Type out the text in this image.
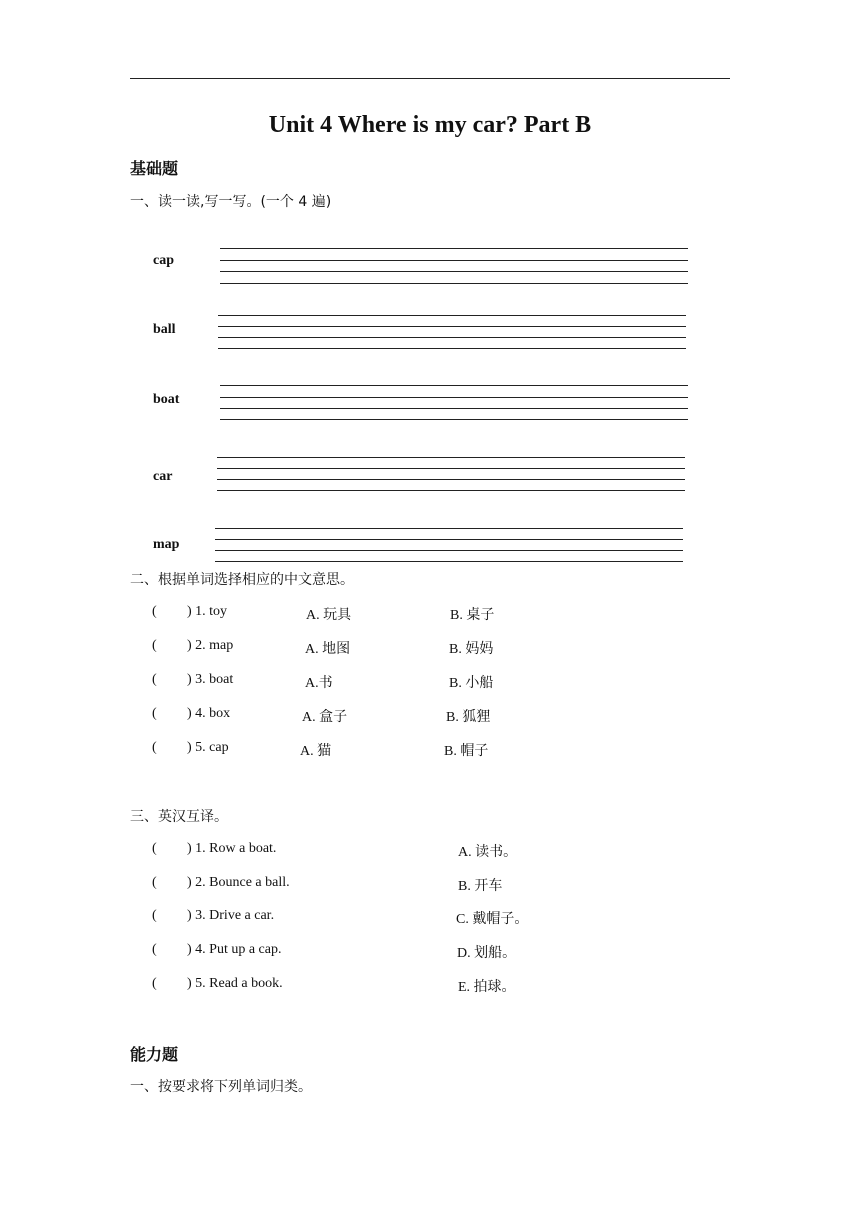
Unit 4 Where is my car? Part B
基础题
一、读一读,写一写。(一个 4 遍)
cap
ball
boat
car
map
二、根据单词选择相应的中文意思。
( ) 1. toy	A. 玩具	B. 桌子
( ) 2. map	A. 地图	B. 妈妈
( ) 3. boat	A.书	B. 小船
( ) 4. box	A. 盒子	B. 狐狸
( ) 5. cap	A. 猫	B. 帽子
三、英汉互译。
( ) 1. Row a boat.	A. 读书。
( ) 2. Bounce a ball.	B. 开车
( ) 3. Drive a car.	C. 戴帽子。
( ) 4. Put up a cap.	D. 划船。
( ) 5. Read a book.	E. 拍球。
能力题
一、按要求将下列单词归类。
